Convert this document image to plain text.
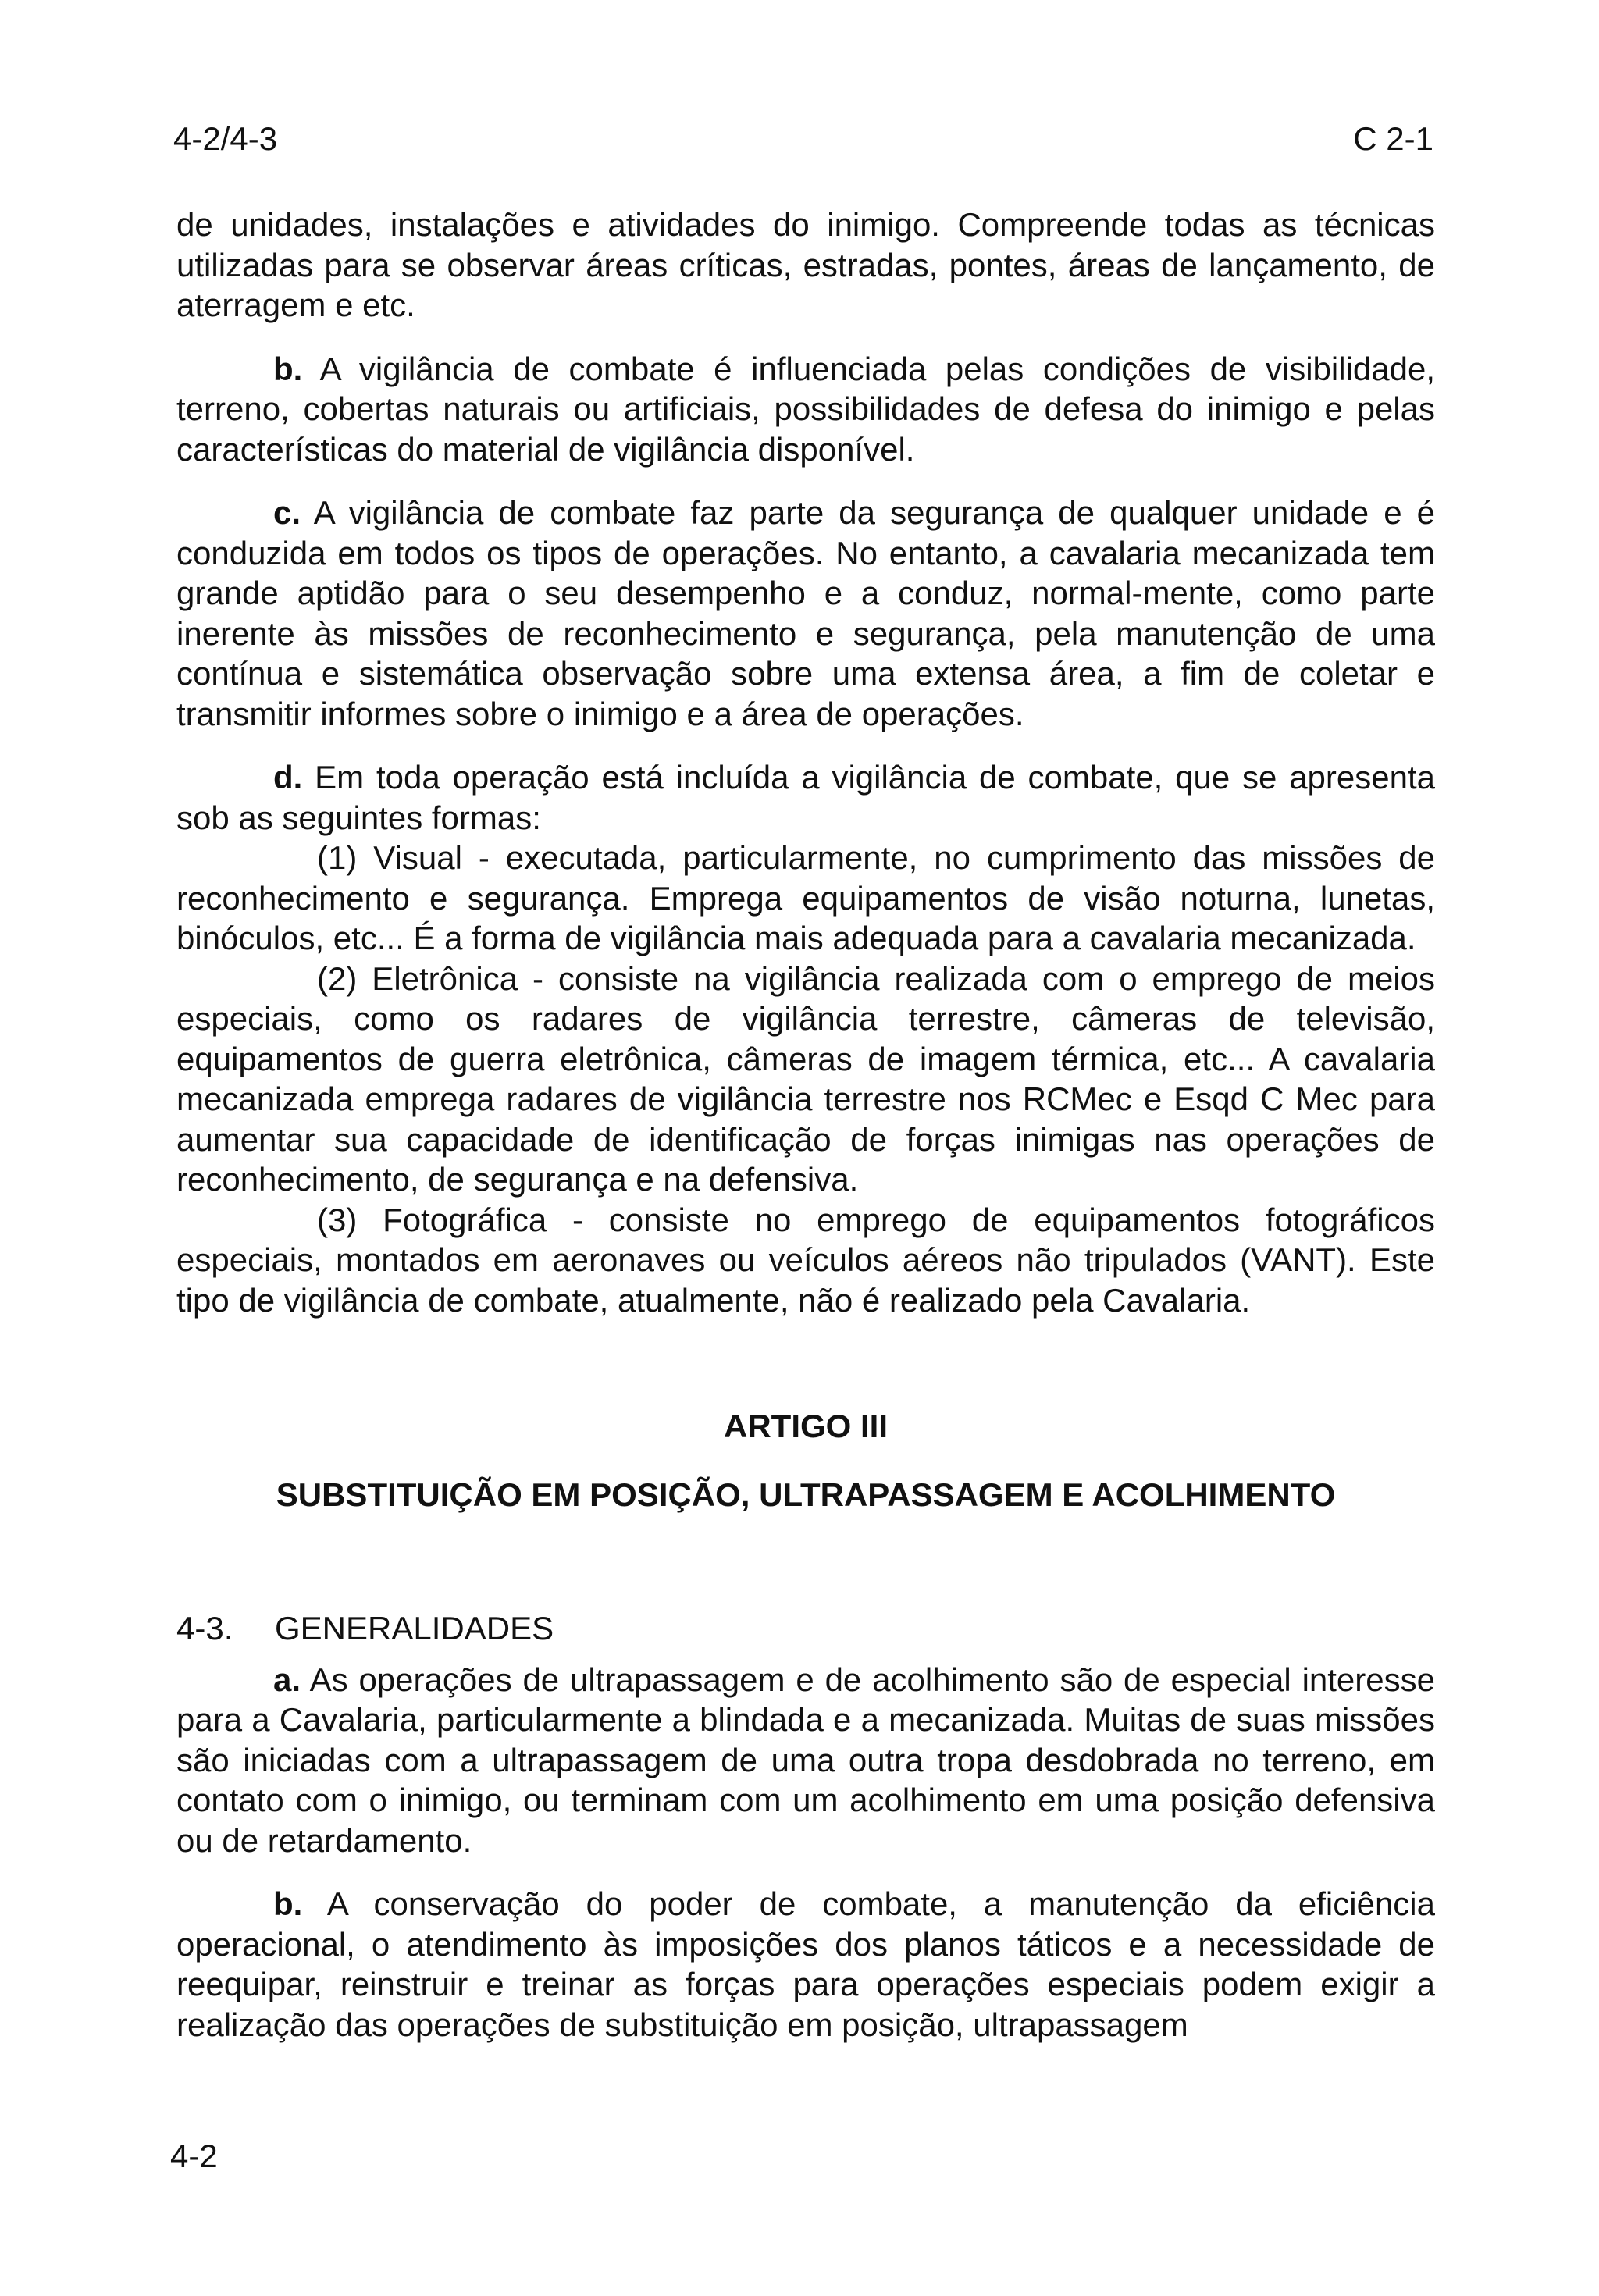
4-2/4-3	C 2-1

de unidades, instalações e atividades do inimigo. Compreende todas as técnicas utilizadas para se observar áreas críticas, estradas, pontes, áreas de lançamento, de aterragem e etc.

b. A vigilância de combate é influenciada pelas condições de visibilidade, terreno, cobertas naturais ou artificiais, possibilidades de defesa do inimigo e pelas características do material de vigilância disponível.

c. A vigilância de combate faz parte da segurança de qualquer unidade e é conduzida em todos os tipos de operações. No entanto, a cavalaria mecanizada tem grande aptidão para o seu desempenho e a conduz, normal-mente, como parte inerente às missões de reconhecimento e segurança, pela manutenção de uma contínua e sistemática observação sobre uma extensa área, a fim de coletar e transmitir informes sobre o inimigo e a área de operações.

d. Em toda operação está incluída a vigilância de combate, que se apresenta sob as seguintes formas:

(1) Visual - executada, particularmente, no cumprimento das missões de reconhecimento e segurança. Emprega equipamentos de visão noturna, lunetas, binóculos, etc... É a forma de vigilância mais adequada para a cavalaria mecanizada.

(2) Eletrônica - consiste na vigilância realizada com o emprego de meios especiais, como os radares de vigilância terrestre, câmeras de televisão, equipamentos de guerra eletrônica, câmeras de imagem térmica, etc... A cavalaria mecanizada emprega radares de vigilância terrestre nos RCMec e Esqd C Mec para aumentar sua capacidade de identificação de forças inimigas nas operações de reconhecimento, de segurança e na defensiva.

(3) Fotográfica - consiste no emprego de equipamentos fotográficos especiais, montados em aeronaves ou veículos aéreos não tripulados (VANT). Este tipo de vigilância de combate, atualmente, não é realizado pela Cavalaria.

ARTIGO III

SUBSTITUIÇÃO EM POSIÇÃO, ULTRAPASSAGEM E ACOLHIMENTO

4-3. GENERALIDADES

a. As operações de ultrapassagem e de acolhimento são de especial interesse para a Cavalaria, particularmente a blindada e a mecanizada. Muitas de suas missões são iniciadas com a ultrapassagem de uma outra tropa desdobrada no terreno, em contato com o inimigo, ou terminam com um acolhimento em uma posição defensiva ou de retardamento.

b. A conservação do poder de combate, a manutenção da eficiência operacional, o atendimento às imposições dos planos táticos e a necessidade de reequipar, reinstruir e treinar as forças para operações especiais podem exigir a realização das operações de substituição em posição, ultrapassagem

4-2
